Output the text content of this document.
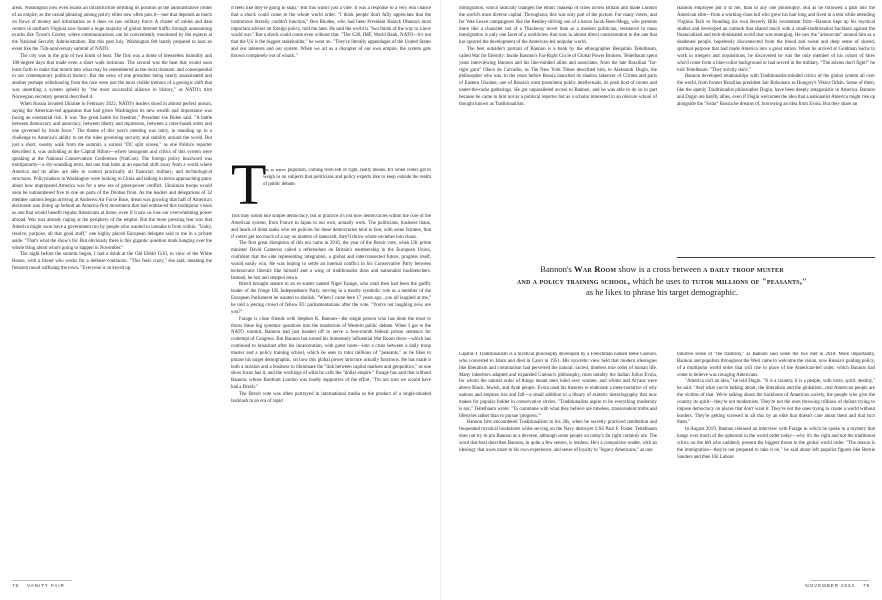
areas. Washington now even boasts an infrastructure befitting its position as the administrative center of an empire, as the casual phrasing among policy elites now often puts it—one that depends as much on flows of money and information as it does on raw military force. A cluster of cables and data centers in northern Virginia now funnel a huge majority of global internet traffic through unassuming exurbs like Tyson's Corner, where communications can be conveniently monitored by the experts at the National Security Administration. But this past July, Washington felt barely prepared to host an event like the 75th-anniversary summit of NATO.

The city was in the grip of two kinds of heat. The first was a dome of breezeless humidity and 100-degree days that made even a short walk torturous. The second was the heat that would soon burst forth to make that month into what may be remembered as the most dramatic and consequential in our contemporary political history: But the news of one president being nearly assassinated and another perhaps withdrawing from the race were just the most visible tremors of a geologic shift that was unsettling a system upheld by "the most successful alliance in history," as NATO's trim Norwegian secretary general described it.

When Russia invaded Ukraine in February 2022, NATO's leaders stood in almost perfect unison, saying the American-led apparatus that had given Washington its new wealth and importance was facing an existential risk. It was "the great battle for freedom," President Joe Biden said. "A battle between democracy and autocracy, between liberty and repression, between a rules-based order and one governed by brute force." The theme of this year's meeting was unity, in standing up to a challenge to America's ability to set the rules governing security and stability around the world. But just a short, sweaty walk from the summit, a surreal "DC split screen," as one Politico reporter described it, was unfolding at the Capital Hilton—where insurgents and critics of this system were speaking at the National Conservatism Conference (NatCon). The foreign policy buzzword was multipolarity—a dry-sounding term, but one that hints at an epochal shift away from a world where America and its allies are able to control practically all financial, military, and technological structures. Policymakers in Washington were looking to China and talking in terms approaching panic about how unprepared America was for a new era of great-power conflict. Ukrainian troops would soon be outnumbered five to one on parts of the Donbas front. As the leaders and delegations of 32 member nations began arriving at Andrews Air Force Base, dread was growing that half of America's electorate was lining up behind an America-first movement that had embraced this multipolar vision as one that would benefit regular Americans at home, even if it saw us lose our overwhelming power abroad. War was already raging at the periphery of the empire. But the more pressing fear was that America might soon have a government run by people who wanted to unmake it from within. "Unity, resolve, purpose, all that good stuff," one highly placed European delegate said to me in a private aside. "That's what the show's for. But obviously there is this gigantic question mark hanging over the whole thing about what's going to happen in November."

The night before the summit began, I had a drink at the Old Ebbitt Grill, in view of the White House, with a friend who works for a defense contractor. "This feels crazy," she said, meaning the frenzied mood suffusing the town. "Everyone is so keyed up,

it feels like they're going to snap." But this wasn't just a vibe. It was a response to a very real chance that a shock could come to the whole world order. "I think people don't fully appreciate that the institutions literally couldn't function," Ben Rhodes, who had been President Barack Obama's most important adviser on foreign policy, told me later. He said the world is "two thirds of the way to a new world war." But a shock could come even without that. "The G20, IMF, World Bank, NATO—it's not that the US is the biggest stakeholder," he went on. "They're literally appendages of the United States and our interests and our system. When we act as a disrupter of our own empire, the system gets thrown completely out of whack."

T

his is what populism, coming from left or right, really means. It's when voters get to weigh in on subjects that politicians and policy experts like to keep outside the realm of public debate.

This may sound like simple democracy, but in practice it's not how democracies within the core of the American system, from France to Japan to our own, actually work. The politicians, business titans, and heads of think tanks who set policies for these democracies tend to fear, with some fairness, that if voters get too much of a say on matters of statecraft, they'll throw whole societies into chaos.

The first great disruption of this era came in 2016, the year of the Brexit vote, when UK prime minister David Cameron called a referendum on Britain's membership in the European Union, confident that the side representing integration, a global and interconnected future, progress itself, would easily win. He was hoping to settle an internal conflict in his Conservative Party between technocratic liberals like himself and a wing of traditionalist dons and nationalist backbenchers. Instead, he lost and stepped down.

Brexit brought stature to an ex-trader named Nigel Farage, who until then had been the gadfly leader of the fringe UK Independence Party, serving in a mostly symbolic role as a member of the European Parliament he wanted to abolish. "When I came here 17 years ago...you all laughed at me," he told a jeering crowd of fellow EU parliamentarians after the vote. "You're not laughing now, are you?"

Farage is close friends with Stephen K. Bannon—the single person who has done the most to throw these big systemic questions into the maelstrom of Western public debate. When I got to the NATO summit, Bannon had just headed off to serve a four-month federal prison sentence for contempt of Congress. But Bannon has turned his immensely influential War Room show—which has continued to broadcast after his incarceration, with guest hosts—into a cross between a daily troop muster and a policy training school, which he uses to tutor millions of "peasants," as he likes to phrase his target demographic, on how this global power structure actually functions. He has made it both a mission and a business to illuminate the "link between capital markets and geopolitics," as one show focus has it, and the workings of what he calls the "dollar empire." Farage has said that without Bannon, whose Breitbart London was loudly supportive of the effort, "I'm not sure we would have had a Brexit."

The Brexit vote was often portrayed in international media as the product of a single-minded backlash to an era of rapid

78 VANITY FAIR

immigration, which radically changed the ethnic makeup of cities across Britain and made London the world's most diverse capital. Throughout, this was only part of the picture. For many voters, and for Vote Leave campaigners like the Bentley-driving son of a baron Jacob Rees-Mogg, who presents more like a character out of a Thackeray novel than as a modern politician, resistance to mass immigration is only one facet of a worldview that runs in almost direct contravention to the one that has spurred the development of the American-led unipolar world.

The best outsider's portrait of Bannon is a book by the ethnographer Benjamin Teitelbaum, called War for Eternity: Inside Bannon's Far-Right Circle of Global Power Brokers. Teitelbaum spent years interviewing Bannon and his like-minded allies and associates, from the late Brazilian "far-right guru" Olavo de Carvalho, as The New York Times described him, to Aleksandr Dugin, the philosopher who was, in the years before Russia launched its shadow takeover of Crimea and parts of Eastern Ukraine, one of Russia's most prominent public intellectuals, its posh host of rooms and under-the-radar gatherings. He got unparalleled access to Bannon, and he was able to do so in part because he came to him not as a political reporter but as a scholar interested in an obscure school of thought known as Traditionalism.

Bannon employee put it to me, than to any one philosophy. But as he followed a path into the American elite—from a working-class kid who grew his hair long and lived in a tent while attending Virginia Tech to founding his own Beverly Hills investment firm—Bannon kept up his mystical studies and developed an outlook that shared much with a small-traditionalist backlash against the financialized and tech-dominated world that was emerging. He saw the "aristocrats" around him as a deadened people, hopelessly disconnected from the blood and sweat and deep sense of shared, spiritual purpose that had made America into a great nation. When he arrived at Goldman Sachs to work in mergers and acquisitions, he discovered he was the only member of his cohort of hires who'd come from a blue-collar background or had served in the military. "The aristos don't fight!" he told Teitelbaum. "They strictly don't."

Bannon developed relationships with Traditionalist-minded critics of the global system all over the world, from former Brazilian president Jair Bolsonaro to Hungary's Viktor Orbán. Some of them, like the openly Traditionalist philosopher Dugin, have been deeply antagonistic to America. Bannon and Dugin are hardly allies, even if Dugin welcomes the idea that a nationalist America might rise up alongside the "Solar" Russia he dreams of, borrowing an idea from Evola. But they share an

Bannon's War Room show is a cross between a daily troop muster
and a policy training school, which he uses to tutor millions of "peasants,"
as he likes to phrase his target demographic.

Capital-T Traditionalism is a mystical philosophy developed by a Frenchman named René Guénon, who converted to Islam and died in Cairo in 1951. His syncretic view held that modern ideologies like liberalism and communism had perverted the natural, sacred, timeless true order of human life. Many inheritors adapted and expanded Guénon's philosophy, most notably the Italian Julius Evola, for whom the natural order of things meant men ruled over women, and whites and Aryans were above Black, Jewish, and Arab people. Evola used his theories to elaborate a meta-narrative of why nations and empires rise and fall—a small addition to a library of esoteric historiography that now makes for popular fodder in conservative circles. "Traditionalists aspire to be everything modernity is not," Teitelbaum wrote. "To commune with what they believe are timeless, transcendent truths and lifestyles rather than to pursue 'progress.'"

Bannon first encountered Traditionalism in his 20s, when he secretly practiced meditation and frequented mystical bookstores while serving on the Navy destroyer USS Paul F. Foster. Teitelbaum does not try to pin Bannon as a devotee, although some people on today's far right certainly are. The word that best describes Bannon, in quite a few senses, is restless. He's a compulsive reader, with an ideology that owes more to his own experience, and sense of loyalty to "legacy Americans," as one

intuitive sense of "the tradition," as Bannon said when the two met in 2018. More importantly, Bannon and populists throughout the West came to welcome the vision, now Russia's guiding policy, of a multipolar world order that will rise in place of the American-led order, which Bannon had come to believe was ravaging Americans.

"America isn't an idea," he told Dugin. "It is a country, it is a people, with roots, spirit, destiny," he said. "And what you're talking about, the liberalism and the globalism...real American people are the victims of that. We're talking about the backbone of American society, the people who give the country its spirit—they're not modernists. They're not the ones throwing trillions of dollars trying to impose democracy on places that don't want it. They're not the ones trying to create a world without borders. They're getting screwed in all this by an elite that doesn't care about them and that isn't them."

In August 2019, Bannon released an interview with Farage in which he spoke to a mystery that hangs over much of the upheaval in the world order today—why it's the right and not the traditional critics on the left who suddenly present the biggest threat to the global world order. "The reason is the immigration—they're not prepared to take it on," he said about left populist figures like Bernie Sanders and then UK Labour

NOVEMBER 2024 79
